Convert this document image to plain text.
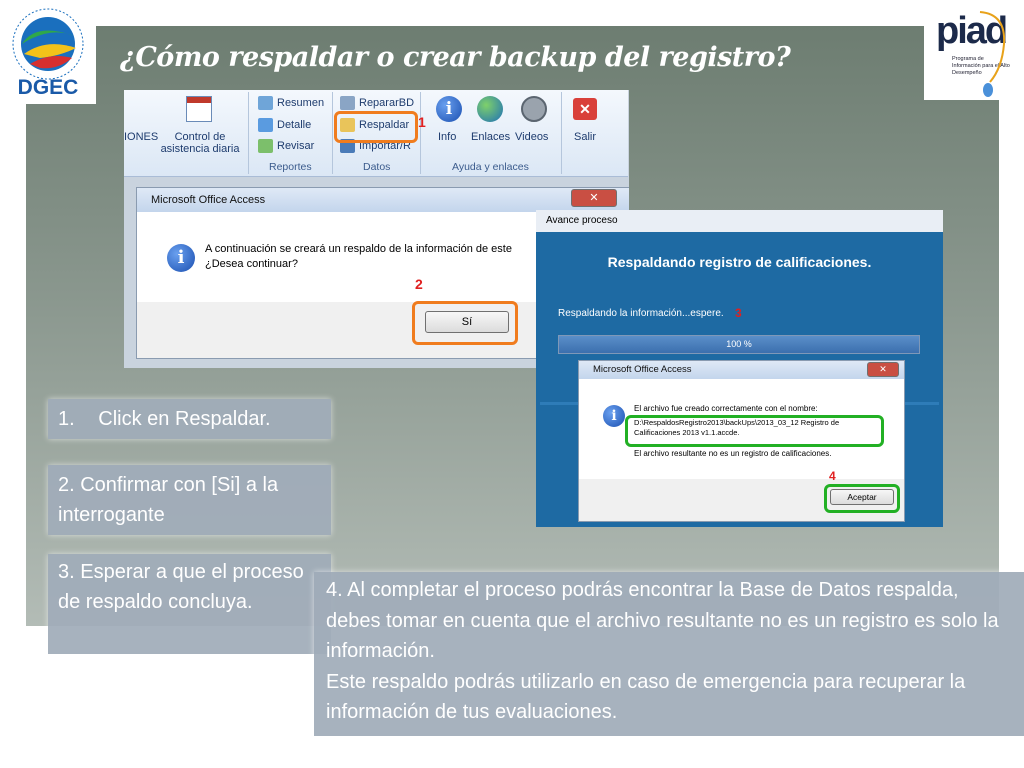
DGEC
piad
Programa de Información para el Alto Desempeño
¿Cómo respaldar o crear backup del registro?
IONES	Control de
asistencia diaria
Resumen
Detalle
Revisar
Reportes
RepararBD
Respaldar
Importar/R
Datos
i
Info Enlaces Videos
Ayuda y enlaces
✕
Salir
1
Microsoft Office Access	✕
i	A continuación se creará un respaldo de la información de este
¿Desea continuar?
2
Sí
Avance proceso
Respaldando registro de calificaciones.
Respaldando la información...espere. 3
100 %
Microsoft Office Access	✕
i	El archivo fue creado correctamente con el nombre:
D:\RespaldosRegistro2013\backUps\2013_03_12 Registro de
Calificaciones 2013 v1.1.accde.
El archivo resultante no es un registro de calificaciones.
4
Aceptar
1. Click en Respaldar.
2. Confirmar con [Si] a la interrogante
3. Esperar a que el proceso de respaldo concluya.
4. Al completar el proceso podrás encontrar la Base de Datos respalda, debes tomar en cuenta que el archivo resultante no es un registro es solo la información.
Este respaldo podrás utilizarlo en caso de emergencia para recuperar la información de tus evaluaciones.
